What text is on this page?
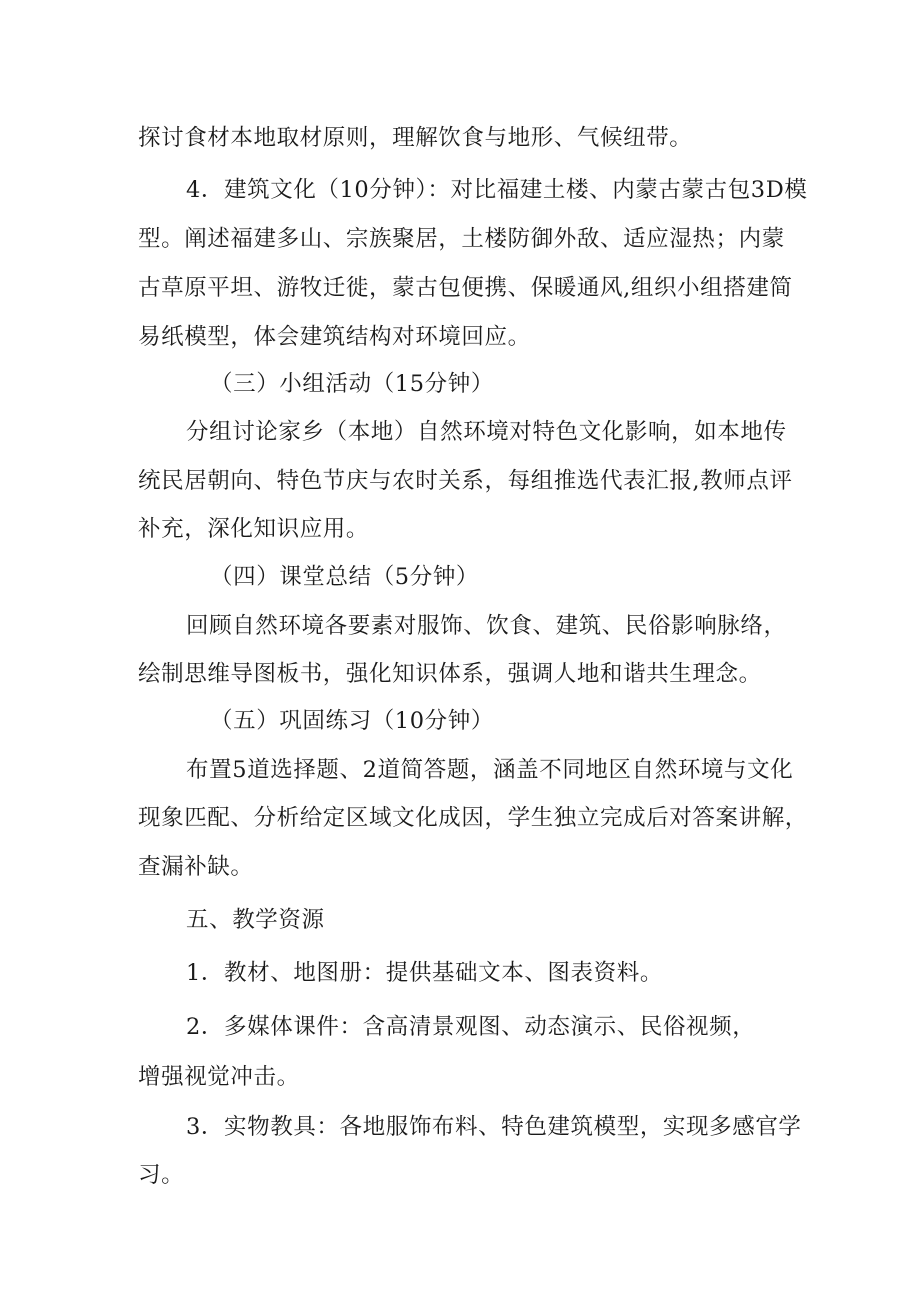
探讨食材本地取材原则，理解饮食与地形、气候纽带。
4．建筑文化（10分钟）：对比福建土楼、内蒙古蒙古包3D模
型。阐述福建多山、宗族聚居，土楼防御外敌、适应湿热；内蒙
古草原平坦、游牧迁徙，蒙古包便携、保暖通风,组织小组搭建简
易纸模型，体会建筑结构对环境回应。
（三）小组活动（15分钟）
分组讨论家乡（本地）自然环境对特色文化影响，如本地传
统民居朝向、特色节庆与农时关系，每组推选代表汇报,教师点评
补充，深化知识应用。
（四）课堂总结（5分钟）
回顾自然环境各要素对服饰、饮食、建筑、民俗影响脉络，
绘制思维导图板书，强化知识体系，强调人地和谐共生理念。
（五）巩固练习（10分钟）
布置5道选择题、2道简答题，涵盖不同地区自然环境与文化
现象匹配、分析给定区域文化成因，学生独立完成后对答案讲解，
查漏补缺。
五、教学资源
1．教材、地图册：提供基础文本、图表资料。
2．多媒体课件：含高清景观图、动态演示、民俗视频，
增强视觉冲击。
3．实物教具：各地服饰布料、特色建筑模型，实现多感官学
习。
